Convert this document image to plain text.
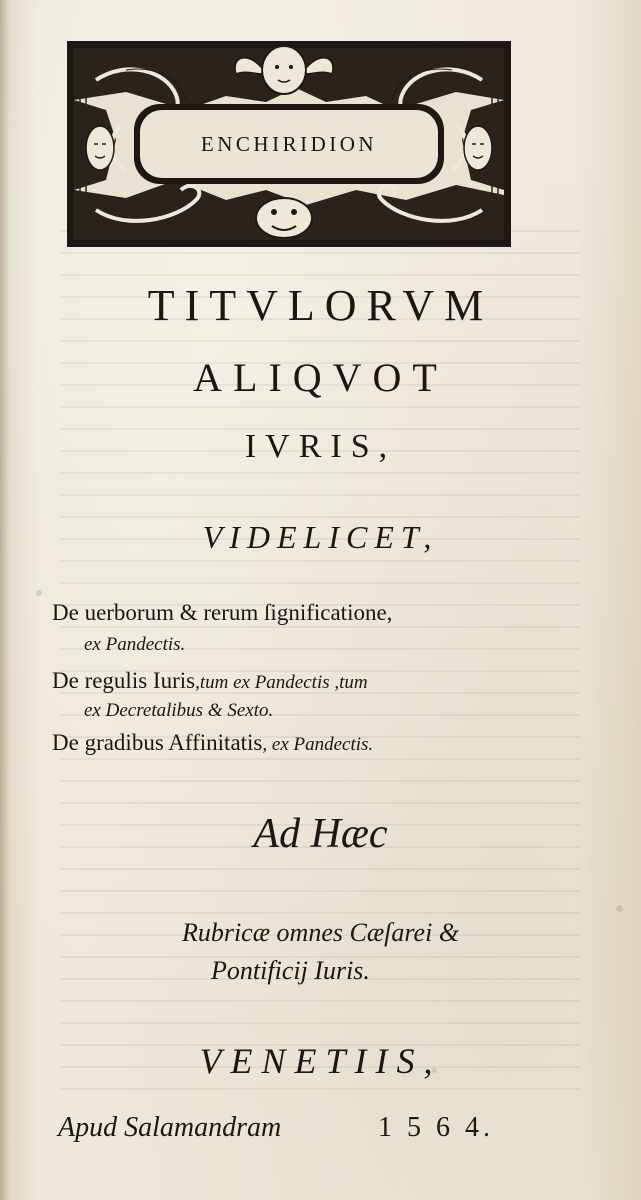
ENCHIRIDION
TITVLORVM
ALIQVOT
IVRIS,
VIDELICET,
De uerborum & rerum ſignificatione,
ex Pandectis.
De regulis Iuris,tum ex Pandectis ,tum
ex Decretalibus & Sexto.
De gradibus Affinitatis, ex Pandectis.
Ad Hæc
Rubricæ omnes Cæſarei &
Pontificij Iuris.
VENETIIS,
Apud Salamandram	1 5 6 4.
